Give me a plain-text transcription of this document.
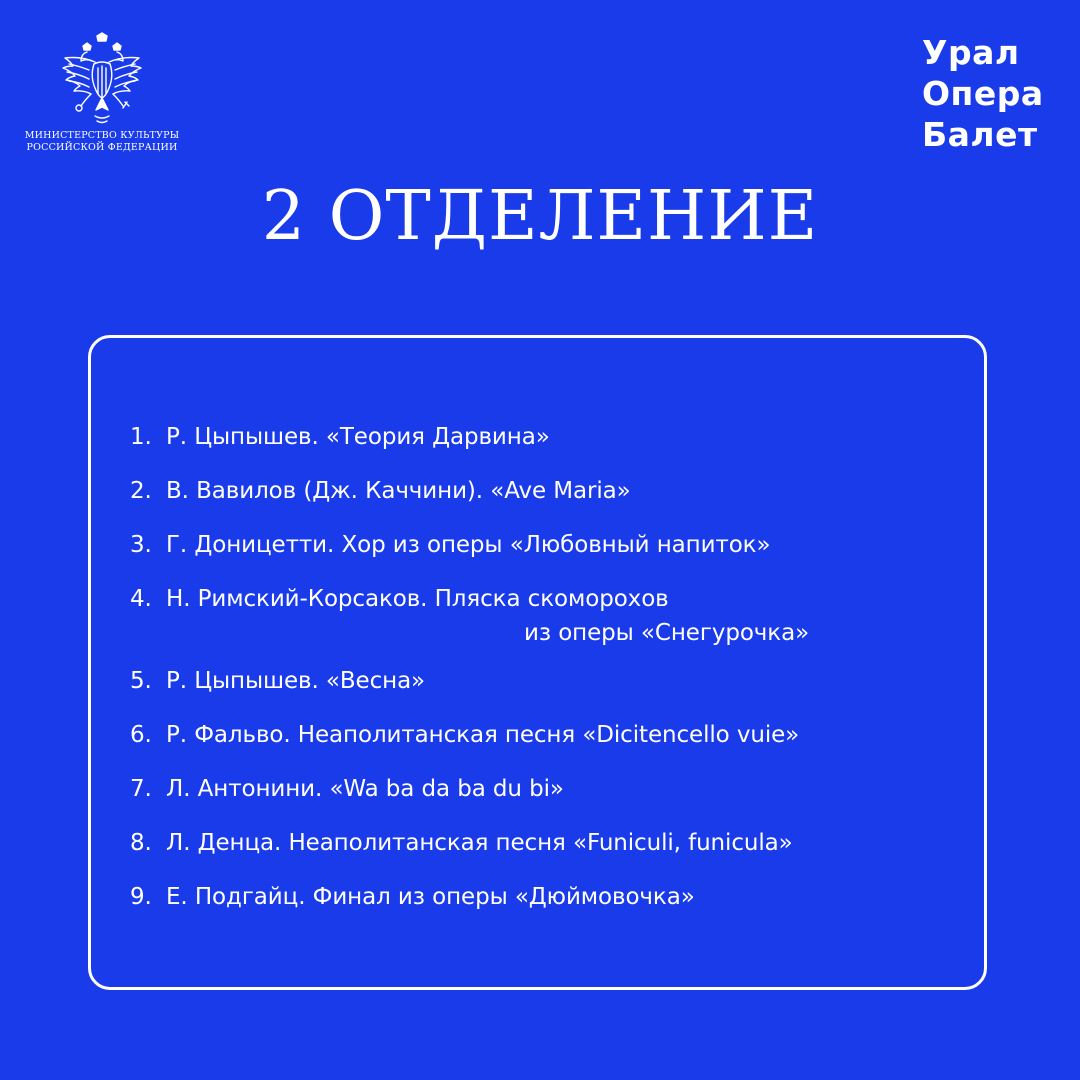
МИНИСТЕРСТВО КУЛЬТУРЫ
РОССИЙСКОЙ ФЕДЕРАЦИИ
Урал
Опера
Балет
2 ОТДЕЛЕНИЕ
1. Р. Цыпышев. «Теория Дарвина»
2. В. Вавилов (Дж. Каччини). «Ave Maria»
3. Г. Доницетти. Хор из оперы «Любовный напиток»
4. Н. Римский-Корсаков. Пляска скоморохов
из оперы «Снегурочка»
5. Р. Цыпышев. «Весна»
6. Р. Фальво. Неаполитанская песня «Dicitencello vuie»
7. Л. Антонини. «Wa ba da ba du bi»
8. Л. Денца. Неаполитанская песня «Funiculi, funicula»
9. Е. Подгайц. Финал из оперы «Дюймовочка»
